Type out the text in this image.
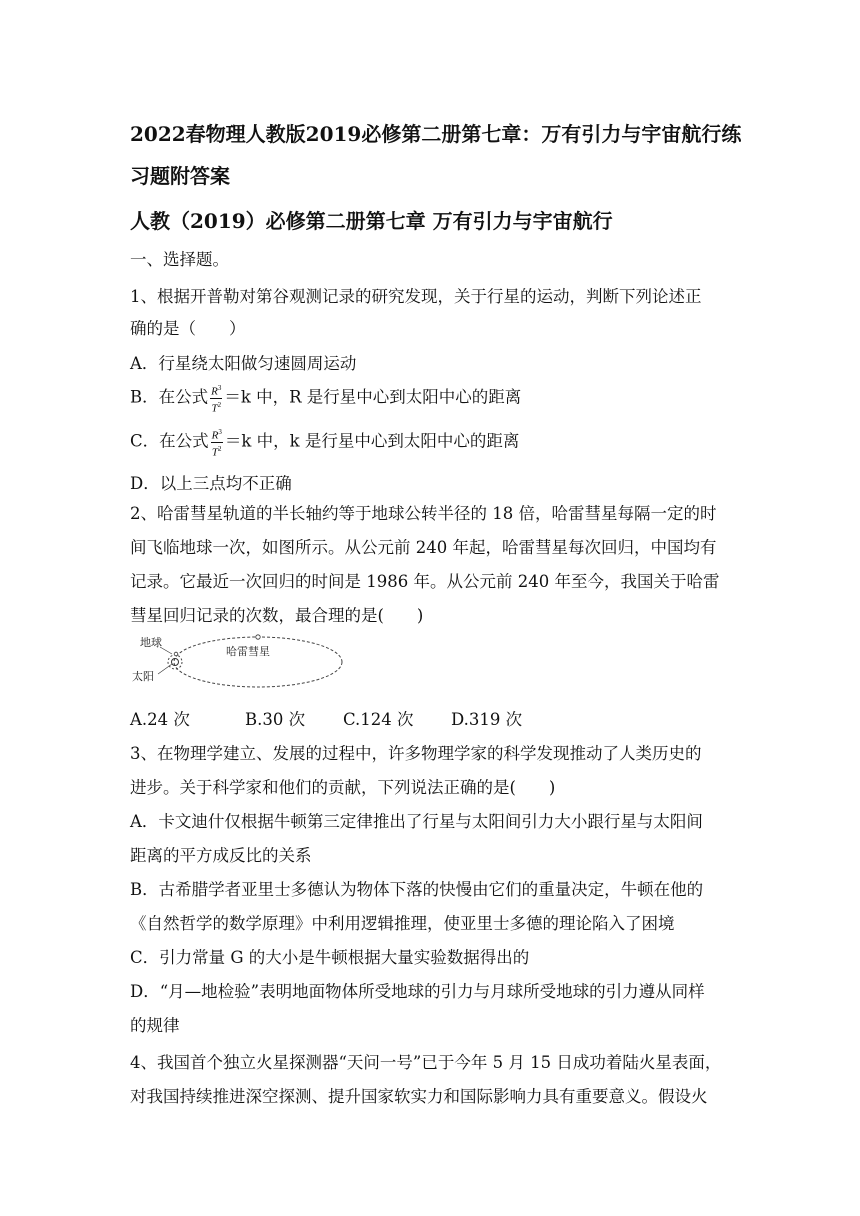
2022春物理人教版2019必修第二册第七章：万有引力与宇宙航行练
习题附答案
人教（2019）必修第二册第七章 万有引力与宇宙航行
一、选择题。
1、根据开普勒对第谷观测记录的研究发现，关于行星的运动，判断下列论述正
确的是（　　）
A．行星绕太阳做匀速圆周运动
B．在公式 $\frac{R^3}{T^2} =k$ 中，R 是行星中心到太阳中心的距离
C．在公式 $\frac{R^3}{T^2} =k$ 中，k 是行星中心到太阳中心的距离
D．以上三点均不正确
2、哈雷彗星轨道的半长轴约等于地球公转半径的 18 倍，哈雷彗星每隔一定的时
间飞临地球一次，如图所示。从公元前 240 年起，哈雷彗星每次回归，中国均有
记录。它最近一次回归的时间是 1986 年。从公元前 240 年至今，我国关于哈雷
彗星回归记录的次数，最合理的是(　　)
地球
太阳
哈雷彗星
A.24 次	B.30 次 C.124 次 D.319 次
3、在物理学建立、发展的过程中，许多物理学家的科学发现推动了人类历史的
进步。关于科学家和他们的贡献，下列说法正确的是(　　)
A．卡文迪什仅根据牛顿第三定律推出了行星与太阳间引力大小跟行星与太阳间
距离的平方成反比的关系
B．古希腊学者亚里士多德认为物体下落的快慢由它们的重量决定，牛顿在他的
《自然哲学的数学原理》中利用逻辑推理，使亚里士多德的理论陷入了困境
C．引力常量 G 的大小是牛顿根据大量实验数据得出的
D．“月—地检验”表明地面物体所受地球的引力与月球所受地球的引力遵从同样
的规律
4、我国首个独立火星探测器“天问一号”已于今年 5 月 15 日成功着陆火星表面，
对我国持续推进深空探测、提升国家软实力和国际影响力具有重要意义。假设火
